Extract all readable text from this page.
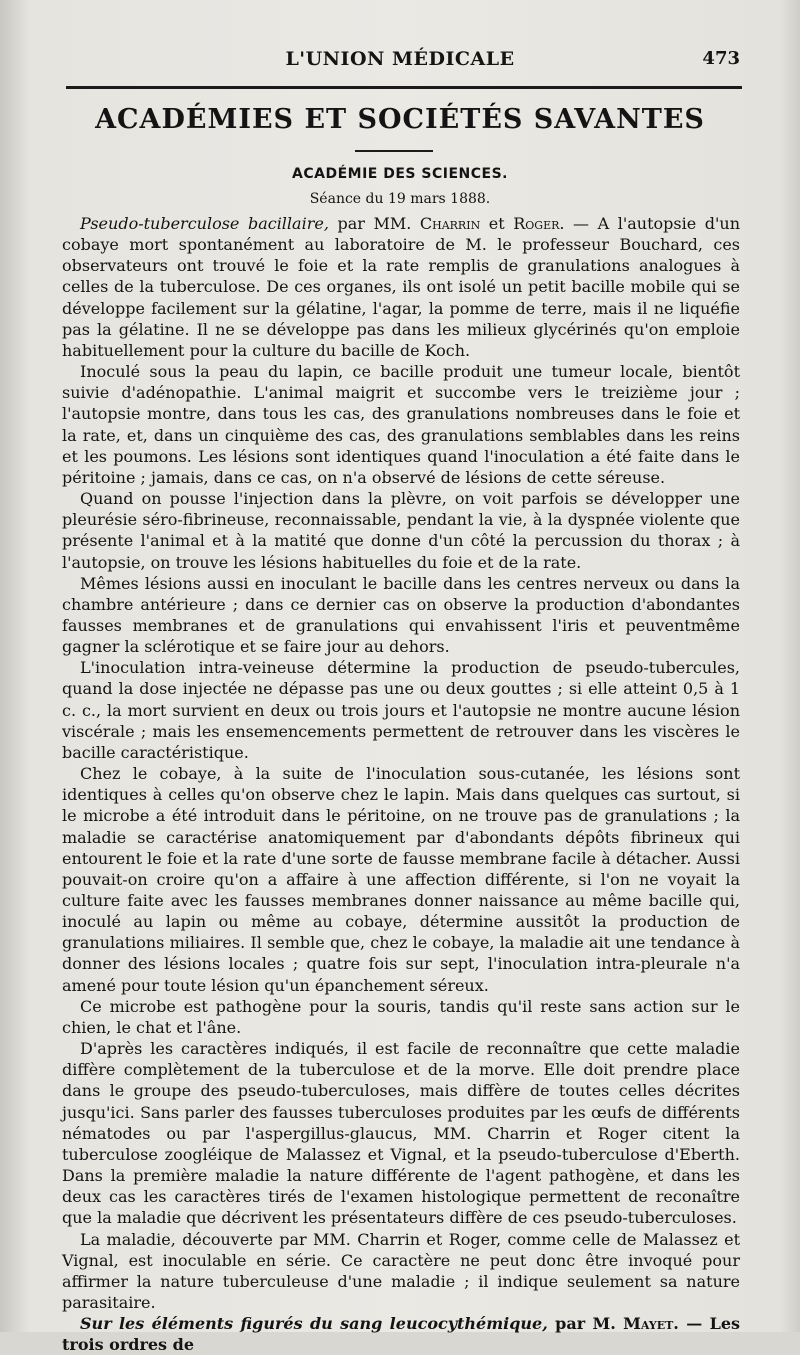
L'UNION MÉDICALE	473
ACADÉMIES ET SOCIÉTÉS SAVANTES
ACADÉMIE DES SCIENCES.
Séance du 19 mars 1888.

Pseudo-tuberculose bacillaire, par MM. Charrin et Roger. — A l'autopsie d'un cobaye mort spontanément au laboratoire de M. le professeur Bouchard, ces observateurs ont trouvé le foie et la rate remplis de granulations analogues à celles de la tuberculose. De ces organes, ils ont isolé un petit bacille mobile qui se développe facilement sur la gélatine, l'agar, la pomme de terre, mais il ne liquéfie pas la gélatine. Il ne se développe pas dans les milieux glycérinés qu'on emploie habituellement pour la culture du bacille de Koch.

Inoculé sous la peau du lapin, ce bacille produit une tumeur locale, bientôt suivie d'adénopathie. L'animal maigrit et succombe vers le treizième jour ; l'autopsie montre, dans tous les cas, des granulations nombreuses dans le foie et la rate, et, dans un cinquième des cas, des granulations semblables dans les reins et les poumons. Les lésions sont identiques quand l'inoculation a été faite dans le péritoine ; jamais, dans ce cas, on n'a observé de lésions de cette séreuse.

Quand on pousse l'injection dans la plèvre, on voit parfois se développer une pleurésie séro-fibrineuse, reconnaissable, pendant la vie, à la dyspnée violente que présente l'animal et à la matité que donne d'un côté la percussion du thorax ; à l'autopsie, on trouve les lésions habituelles du foie et de la rate.

Mêmes lésions aussi en inoculant le bacille dans les centres nerveux ou dans la chambre antérieure ; dans ce dernier cas on observe la production d'abondantes fausses membranes et de granulations qui envahissent l'iris et peuventmême gagner la sclérotique et se faire jour au dehors.

L'inoculation intra-veineuse détermine la production de pseudo-tubercules, quand la dose injectée ne dépasse pas une ou deux gouttes ; si elle atteint 0,5 à 1 c. c., la mort survient en deux ou trois jours et l'autopsie ne montre aucune lésion viscérale ; mais les ensemencements permettent de retrouver dans les viscères le bacille caractéristique.

Chez le cobaye, à la suite de l'inoculation sous-cutanée, les lésions sont identiques à celles qu'on observe chez le lapin. Mais dans quelques cas surtout, si le microbe a été introduit dans le péritoine, on ne trouve pas de granulations ; la maladie se caractérise anatomiquement par d'abondants dépôts fibrineux qui entourent le foie et la rate d'une sorte de fausse membrane facile à détacher. Aussi pouvait-on croire qu'on a affaire à une affection différente, si l'on ne voyait la culture faite avec les fausses membranes donner naissance au même bacille qui, inoculé au lapin ou même au cobaye, détermine aussitôt la production de granulations miliaires. Il semble que, chez le cobaye, la maladie ait une tendance à donner des lésions locales ; quatre fois sur sept, l'inoculation intra-pleurale n'a amené pour toute lésion qu'un épanchement séreux.

Ce microbe est pathogène pour la souris, tandis qu'il reste sans action sur le chien, le chat et l'âne.

D'après les caractères indiqués, il est facile de reconnaître que cette maladie diffère complètement de la tuberculose et de la morve. Elle doit prendre place dans le groupe des pseudo-tuberculoses, mais diffère de toutes celles décrites jusqu'ici. Sans parler des fausses tuberculoses produites par les œufs de différents nématodes ou par l'aspergillus-glaucus, MM. Charrin et Roger citent la tuberculose zoogléique de Malassez et Vignal, et la pseudo-tuberculose d'Eberth. Dans la première maladie la nature différente de l'agent pathogène, et dans les deux cas les caractères tirés de l'examen histologique permettent de reconaître que la maladie que décrivent les présentateurs diffère de ces pseudo-tuberculoses.

La maladie, découverte par MM. Charrin et Roger, comme celle de Malassez et Vignal, est inoculable en série. Ce caractère ne peut donc être invoqué pour affirmer la nature tuberculeuse d'une maladie ; il indique seulement sa nature parasitaire.

Sur les éléments figurés du sang leucocythémique, par M. Mayet. — Les trois ordres de
